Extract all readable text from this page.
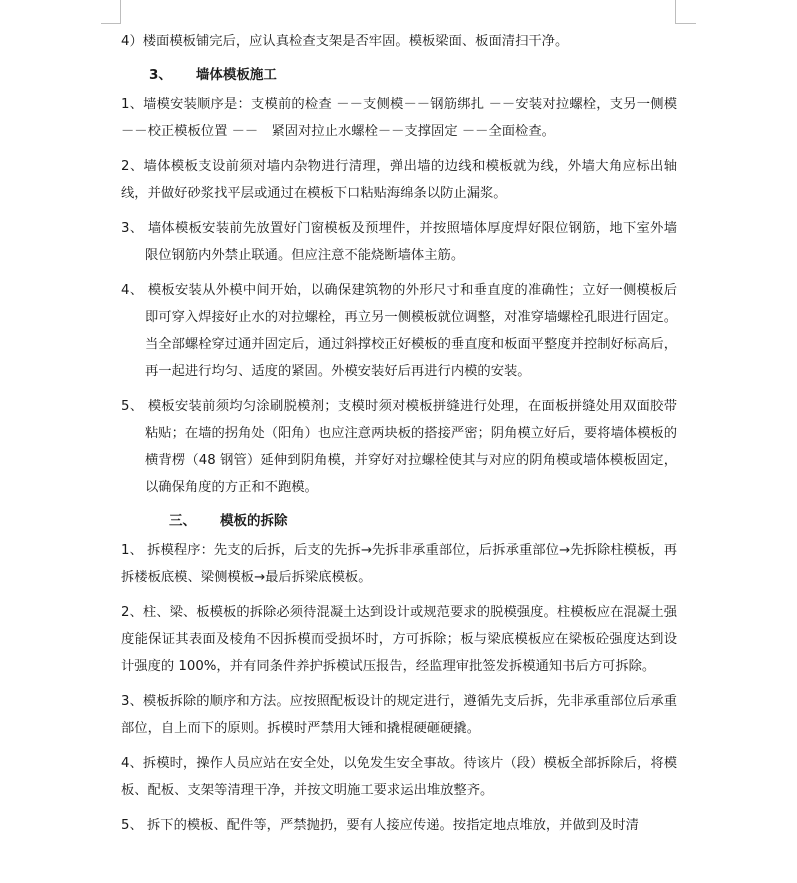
4）楼面模板铺完后，应认真检查支架是否牢固。模板梁面、板面清扫干净。

3、 墙体模板施工

1、墙模安装顺序是：支模前的检查 －－支侧模－－钢筋绑扎 －－安装对拉螺栓，支另一侧模 －－校正模板位置 －－　紧固对拉止水螺栓－－支撑固定 －－全面检查。

2、墙体模板支设前须对墙内杂物进行清理，弹出墙的边线和模板就为线，外墙大角应标出轴线，并做好砂浆找平层或通过在模板下口粘贴海绵条以防止漏浆。

3、 墙体模板安装前先放置好门窗模板及预埋件，并按照墙体厚度焊好限位钢筋，地下室外墙限位钢筋内外禁止联通。但应注意不能烧断墙体主筋。

4、 模板安装从外模中间开始，以确保建筑物的外形尺寸和垂直度的准确性；立好一侧模板后即可穿入焊接好止水的对拉螺栓，再立另一侧模板就位调整，对准穿墙螺栓孔眼进行固定。当全部螺栓穿过通并固定后，通过斜撑校正好模板的垂直度和板面平整度并控制好标高后，再一起进行均匀、适度的紧固。外模安装好后再进行内模的安装。

5、 模板安装前须均匀涂刷脱模剂；支模时须对模板拼缝进行处理，在面板拼缝处用双面胶带粘贴；在墙的拐角处（阳角）也应注意两块板的搭接严密；阴角模立好后，要将墙体模板的横背楞（48 钢管）延伸到阴角模，并穿好对拉螺栓使其与对应的阴角模或墙体模板固定，以确保角度的方正和不跑模。

三、 模板的拆除

1、 拆模程序：先支的后拆，后支的先拆→先拆非承重部位，后拆承重部位→先拆除柱模板，再拆楼板底模、梁侧模板→最后拆梁底模板。

2、柱、梁、板模板的拆除必须待混凝土达到设计或规范要求的脱模强度。柱模板应在混凝土强度能保证其表面及棱角不因拆模而受损坏时，方可拆除；板与梁底模板应在梁板砼强度达到设计强度的 100%，并有同条件养护拆模试压报告，经监理审批签发拆模通知书后方可拆除。

3、模板拆除的顺序和方法。应按照配板设计的规定进行，遵循先支后拆，先非承重部位后承重部位，自上而下的原则。拆模时严禁用大锤和撬棍硬砸硬撬。

4、拆模时，操作人员应站在安全处，以免发生安全事故。待该片（段）模板全部拆除后，将模板、配板、支架等清理干净，并按文明施工要求运出堆放整齐。

5、 拆下的模板、配件等，严禁抛扔，要有人接应传递。按指定地点堆放，并做到及时清
